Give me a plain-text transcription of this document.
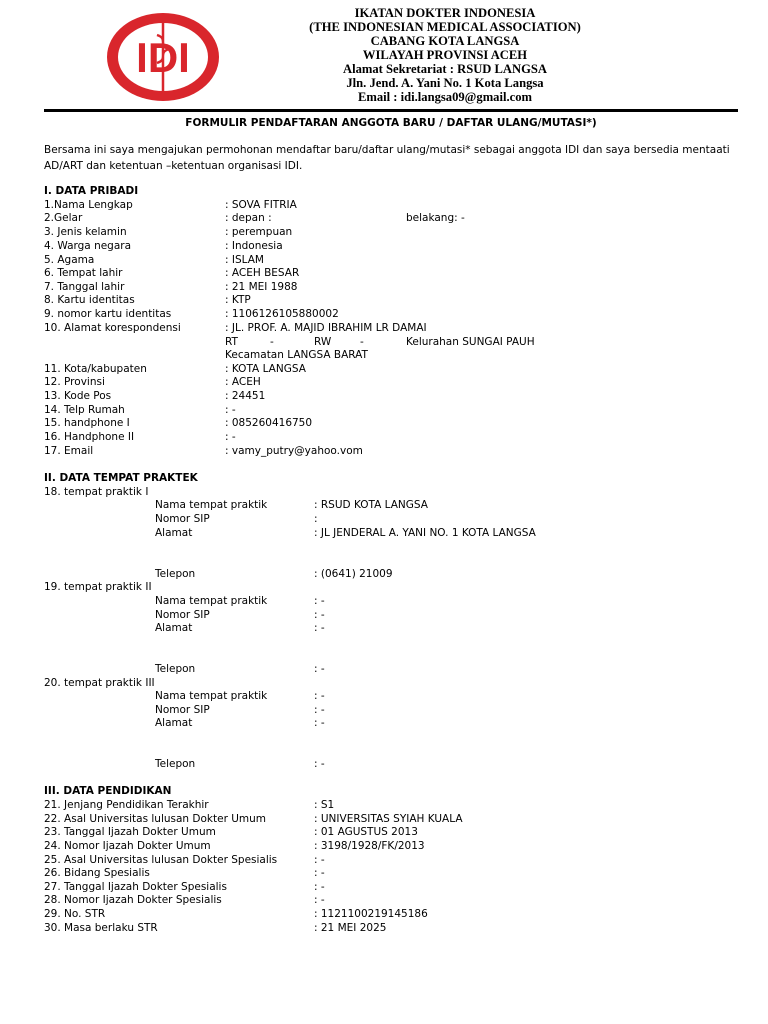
IDI
IKATAN DOKTER INDONESIA
(THE INDONESIAN MEDICAL ASSOCIATION)
CABANG KOTA LANGSA
WILAYAH PROVINSI ACEH
Alamat Sekretariat : RSUD LANGSA
Jln. Jend. A. Yani No. 1 Kota Langsa
Email : idi.langsa09@gmail.com
FORMULIR PENDAFTARAN ANGGOTA BARU / DAFTAR ULANG/MUTASI*)
Bersama ini saya mengajukan permohonan mendaftar baru/daftar ulang/mutasi* sebagai anggota IDI dan saya bersedia mentaati AD/ART dan ketentuan –ketentuan organisasi IDI.
I. DATA PRIBADI
1.Nama Lengkap	: SOVA FITRIA
2.Gelar	: depan :	belakang: -
3. Jenis kelamin	: perempuan
4. Warga negara	: Indonesia
5. Agama	: ISLAM
6. Tempat lahir	: ACEH BESAR
7. Tanggal lahir	: 21 MEI 1988
8. Kartu identitas	: KTP
9. nomor kartu identitas	: 1106126105880002
10. Alamat korespondensi	: JL. PROF. A. MAJID IBRAHIM LR DAMAI
RT	-	RW	-	Kelurahan SUNGAI PAUH
Kecamatan LANGSA BARAT
11. Kota/kabupaten	: KOTA LANGSA
12. Provinsi	: ACEH
13. Kode Pos	: 24451
14. Telp Rumah	: -
15. handphone I	: 085260416750
16. Handphone II	: -
17. Email	: vamy_putry@yahoo.vom
II. DATA TEMPAT PRAKTEK
18. tempat praktik I
Nama tempat praktik	: RSUD KOTA LANGSA
Nomor SIP	:
Alamat	: JL JENDERAL A. YANI NO. 1 KOTA LANGSA
Telepon	: (0641) 21009
19. tempat praktik II
Nama tempat praktik	: -
Nomor SIP	: -
Alamat	: -
Telepon	: -
20. tempat praktik III
Nama tempat praktik	: -
Nomor SIP	: -
Alamat	: -
Telepon	: -
III. DATA PENDIDIKAN
21. Jenjang Pendidikan Terakhir	: S1
22. Asal Universitas lulusan Dokter Umum	: UNIVERSITAS SYIAH KUALA
23. Tanggal Ijazah Dokter Umum	: 01 AGUSTUS 2013
24. Nomor Ijazah Dokter Umum	: 3198/1928/FK/2013
25. Asal Universitas lulusan Dokter Spesialis	: -
26. Bidang Spesialis	: -
27. Tanggal Ijazah Dokter Spesialis	: -
28. Nomor Ijazah Dokter Spesialis	: -
29. No. STR	: 1121100219145186
30. Masa berlaku STR	: 21 MEI 2025
